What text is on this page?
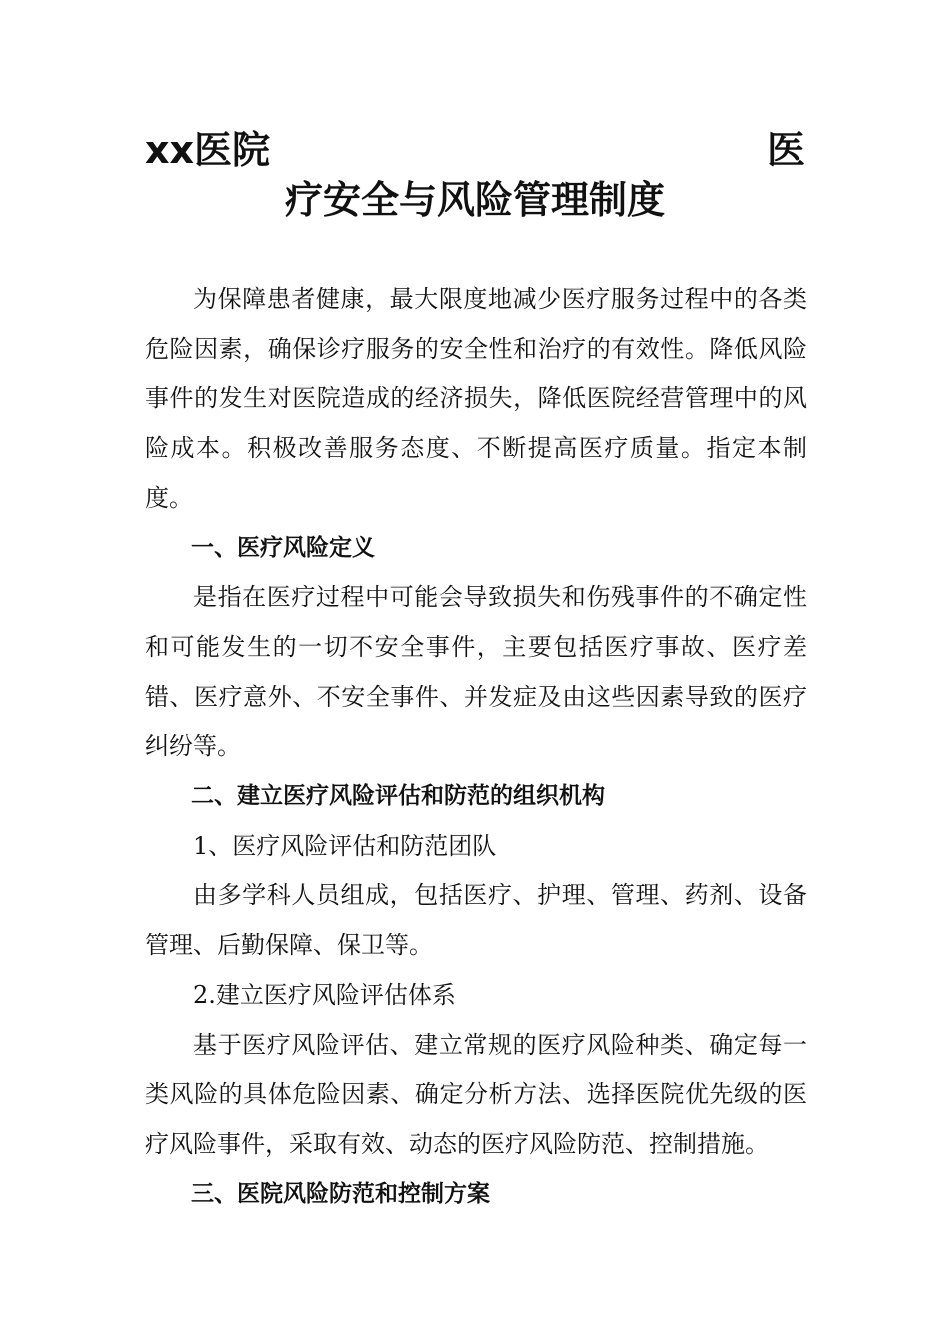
xx医院	医
疗安全与风险管理制度

为保障患者健康，最大限度地减少医疗服务过程中的各类危险因素，确保诊疗服务的安全性和治疗的有效性。降低风险事件的发生对医院造成的经济损失，降低医院经营管理中的风险成本。积极改善服务态度、不断提高医疗质量。指定本制度。

一、医疗风险定义

是指在医疗过程中可能会导致损失和伤残事件的不确定性和可能发生的一切不安全事件，主要包括医疗事故、医疗差错、医疗意外、不安全事件、并发症及由这些因素导致的医疗纠纷等。

二、建立医疗风险评估和防范的组织机构

1、医疗风险评估和防范团队

由多学科人员组成，包括医疗、护理、管理、药剂、设备管理、后勤保障、保卫等。

2.建立医疗风险评估体系

基于医疗风险评估、建立常规的医疗风险种类、确定每一类风险的具体危险因素、确定分析方法、选择医院优先级的医疗风险事件，采取有效、动态的医疗风险防范、控制措施。

三、医院风险防范和控制方案
